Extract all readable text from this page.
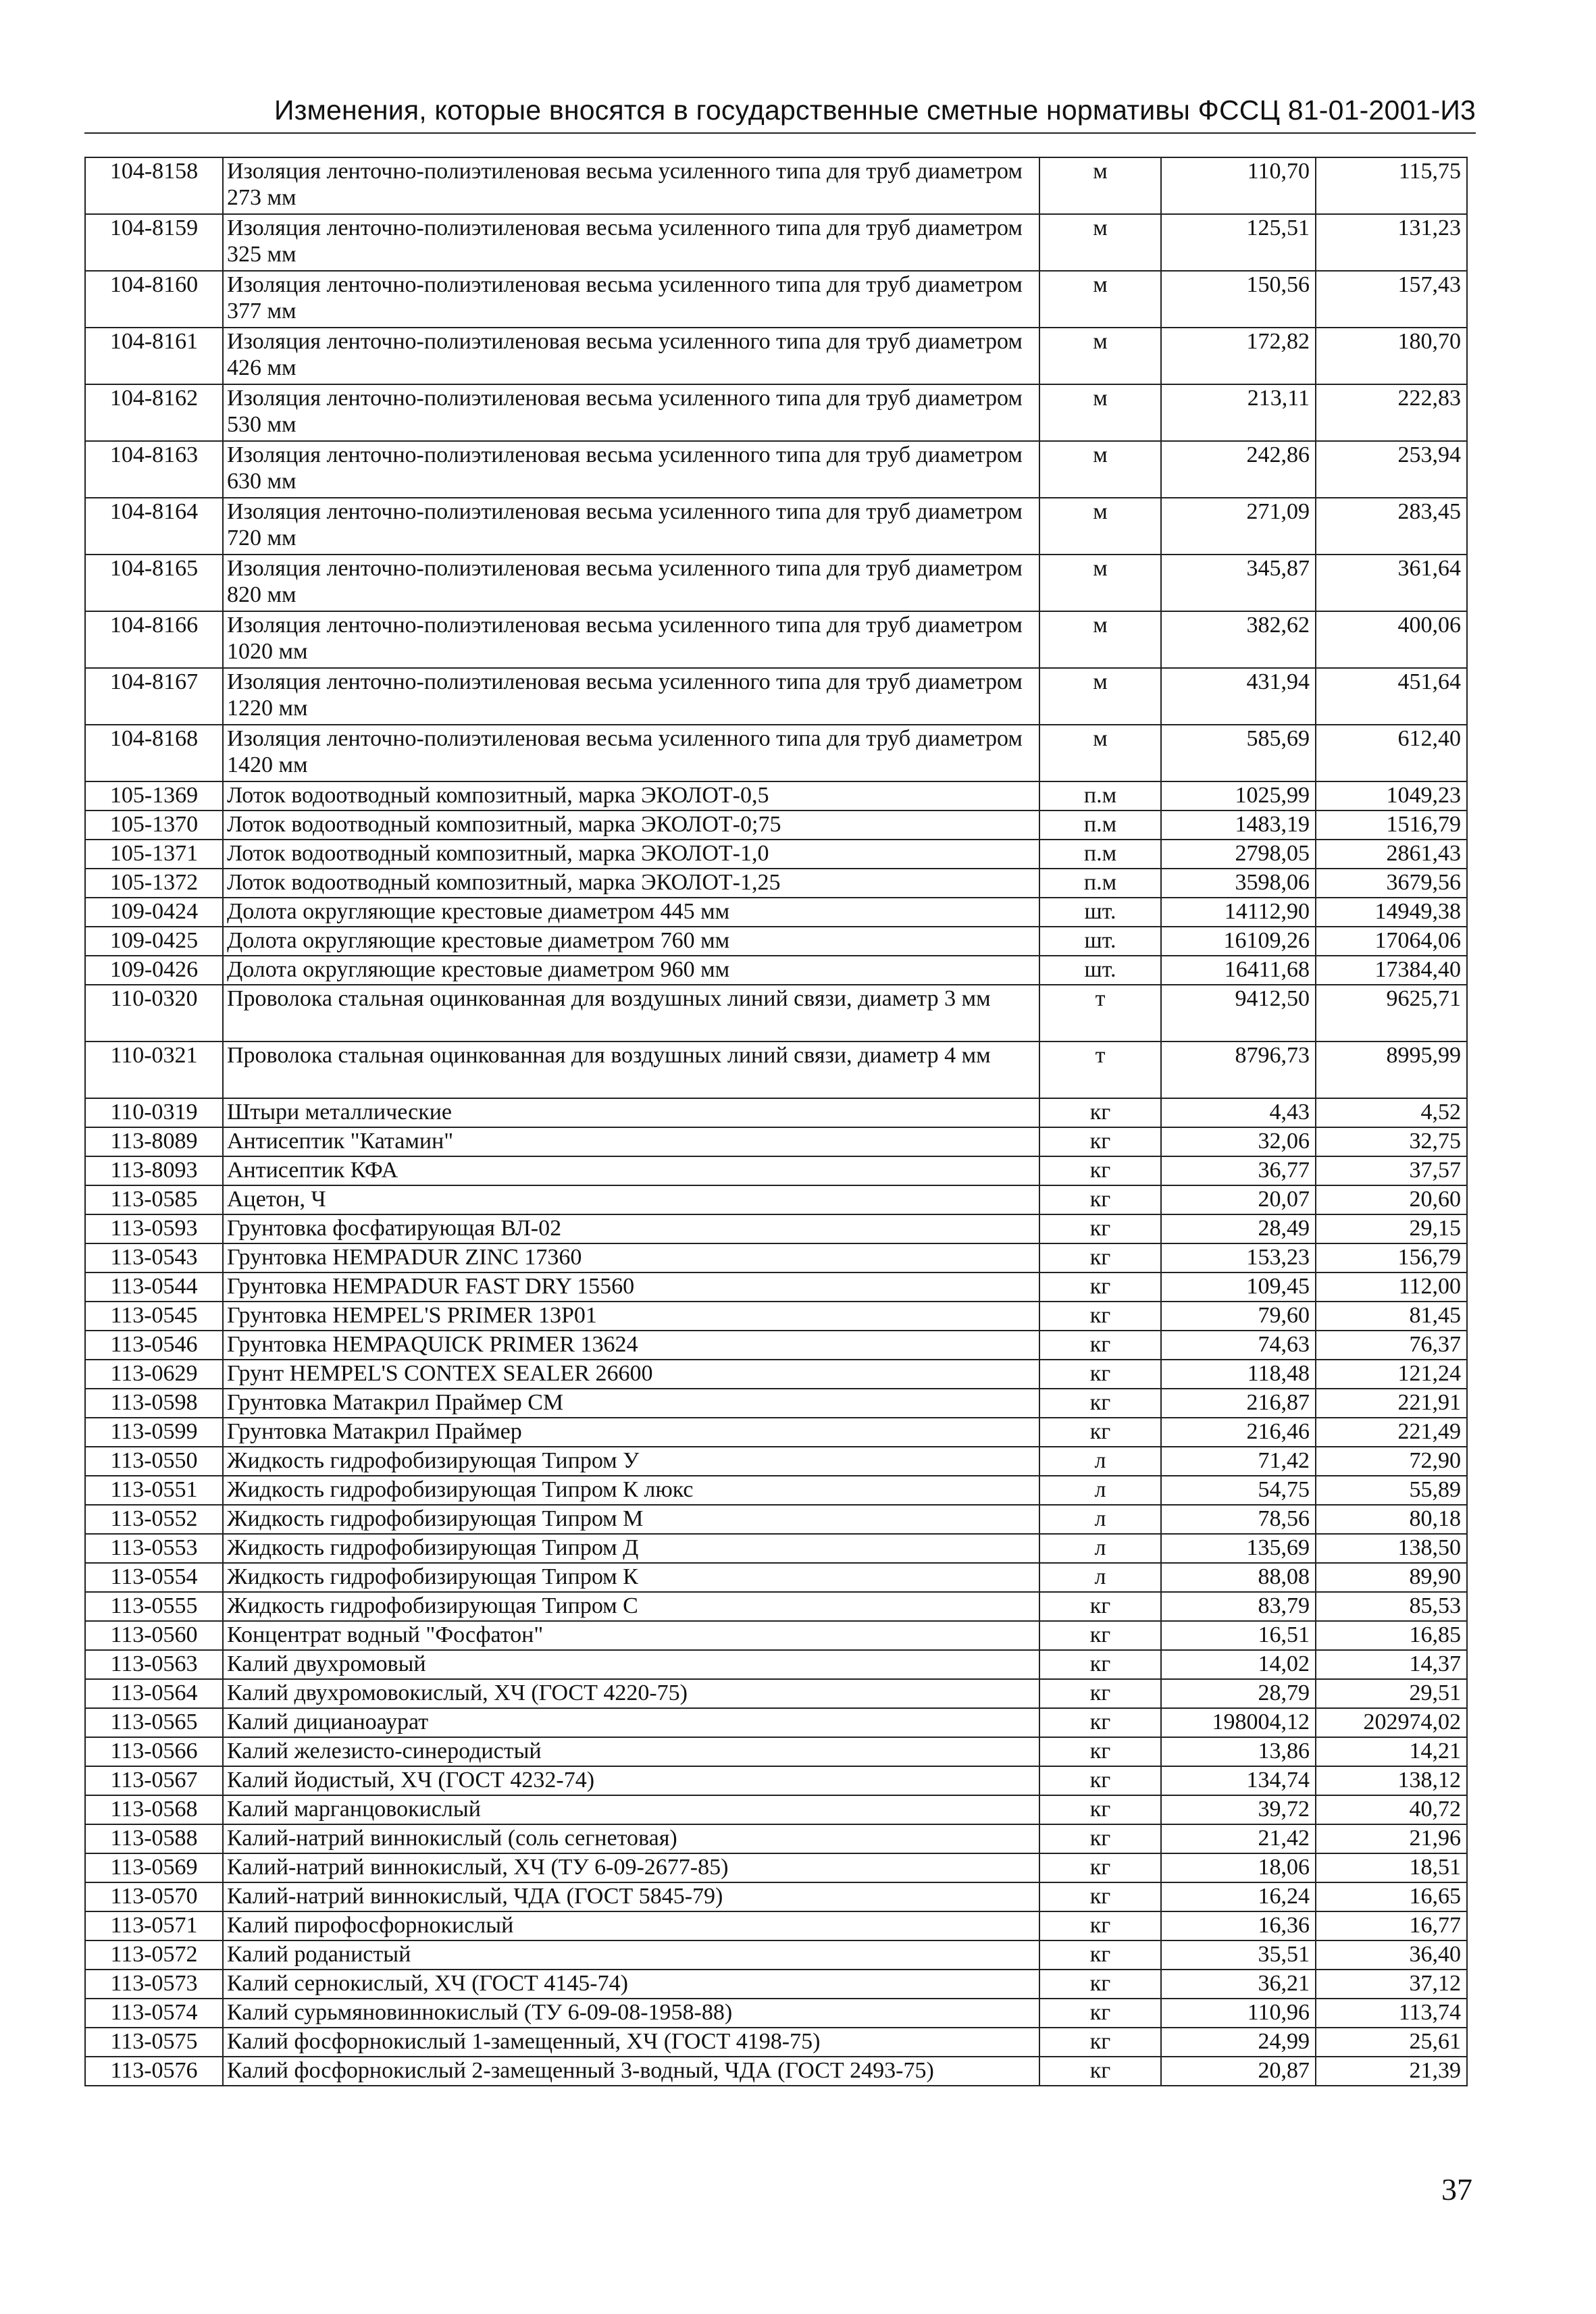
Изменения, которые вносятся в государственные сметные нормативы ФССЦ 81-01-2001-И3
104-8158	Изоляция ленточно-полиэтиленовая весьма усиленного типа для труб диаметром 273 мм	м	110,70	115,75
104-8159	Изоляция ленточно-полиэтиленовая весьма усиленного типа для труб диаметром 325 мм	м	125,51	131,23
104-8160	Изоляция ленточно-полиэтиленовая весьма усиленного типа для труб диаметром 377 мм	м	150,56	157,43
104-8161	Изоляция ленточно-полиэтиленовая весьма усиленного типа для труб диаметром 426 мм	м	172,82	180,70
104-8162	Изоляция ленточно-полиэтиленовая весьма усиленного типа для труб диаметром 530 мм	м	213,11	222,83
104-8163	Изоляция ленточно-полиэтиленовая весьма усиленного типа для труб диаметром 630 мм	м	242,86	253,94
104-8164	Изоляция ленточно-полиэтиленовая весьма усиленного типа для труб диаметром 720 мм	м	271,09	283,45
104-8165	Изоляция ленточно-полиэтиленовая весьма усиленного типа для труб диаметром 820 мм	м	345,87	361,64
104-8166	Изоляция ленточно-полиэтиленовая весьма усиленного типа для труб диаметром 1020 мм	м	382,62	400,06
104-8167	Изоляция ленточно-полиэтиленовая весьма усиленного типа для труб диаметром 1220 мм	м	431,94	451,64
104-8168	Изоляция ленточно-полиэтиленовая весьма усиленного типа для труб диаметром 1420 мм	м	585,69	612,40
105-1369	Лоток водоотводный композитный, марка ЭКОЛОТ-0,5	п.м	1025,99	1049,23
105-1370	Лоток водоотводный композитный, марка ЭКОЛОТ-0;75	п.м	1483,19	1516,79
105-1371	Лоток водоотводный композитный, марка ЭКОЛОТ-1,0	п.м	2798,05	2861,43
105-1372	Лоток водоотводный композитный, марка ЭКОЛОТ-1,25	п.м	3598,06	3679,56
109-0424	Долота округляющие крестовые диаметром 445 мм	шт.	14112,90	14949,38
109-0425	Долота округляющие крестовые диаметром 760 мм	шт.	16109,26	17064,06
109-0426	Долота округляющие крестовые диаметром 960 мм	шт.	16411,68	17384,40
110-0320	Проволока стальная оцинкованная для воздушных линий связи, диаметр 3 мм	т	9412,50	9625,71
110-0321	Проволока стальная оцинкованная для воздушных линий связи, диаметр 4 мм	т	8796,73	8995,99
110-0319	Штыри металлические	кг	4,43	4,52
113-8089	Антисептик "Катамин"	кг	32,06	32,75
113-8093	Антисептик КФА	кг	36,77	37,57
113-0585	Ацетон, Ч	кг	20,07	20,60
113-0593	Грунтовка фосфатирующая ВЛ-02	кг	28,49	29,15
113-0543	Грунтовка HEMPADUR ZINC 17360	кг	153,23	156,79
113-0544	Грунтовка HEMPADUR FAST DRY 15560	кг	109,45	112,00
113-0545	Грунтовка HEMPEL'S PRIMER 13P01	кг	79,60	81,45
113-0546	Грунтовка HEMPAQUICK PRIMER 13624	кг	74,63	76,37
113-0629	Грунт HEMPEL'S CONTEX SEALER 26600	кг	118,48	121,24
113-0598	Грунтовка Матакрил Праймер СМ	кг	216,87	221,91
113-0599	Грунтовка Матакрил Праймер	кг	216,46	221,49
113-0550	Жидкость гидрофобизирующая Типром У	л	71,42	72,90
113-0551	Жидкость гидрофобизирующая Типром К люкс	л	54,75	55,89
113-0552	Жидкость гидрофобизирующая Типром М	л	78,56	80,18
113-0553	Жидкость гидрофобизирующая Типром Д	л	135,69	138,50
113-0554	Жидкость гидрофобизирующая Типром К	л	88,08	89,90
113-0555	Жидкость гидрофобизирующая Типром С	кг	83,79	85,53
113-0560	Концентрат водный "Фосфатон"	кг	16,51	16,85
113-0563	Калий двухромовый	кг	14,02	14,37
113-0564	Калий двухромовокислый, ХЧ (ГОСТ 4220-75)	кг	28,79	29,51
113-0565	Калий дицианоаурат	кг	198004,12	202974,02
113-0566	Калий железисто-синеродистый	кг	13,86	14,21
113-0567	Калий йодистый, ХЧ (ГОСТ 4232-74)	кг	134,74	138,12
113-0568	Калий марганцовокислый	кг	39,72	40,72
113-0588	Калий-натрий виннокислый (соль сегнетовая)	кг	21,42	21,96
113-0569	Калий-натрий виннокислый, ХЧ (ТУ 6-09-2677-85)	кг	18,06	18,51
113-0570	Калий-натрий виннокислый, ЧДА (ГОСТ 5845-79)	кг	16,24	16,65
113-0571	Калий пирофосфорнокислый	кг	16,36	16,77
113-0572	Калий роданистый	кг	35,51	36,40
113-0573	Калий сернокислый, ХЧ (ГОСТ 4145-74)	кг	36,21	37,12
113-0574	Калий сурьмяновиннокислый (ТУ 6-09-08-1958-88)	кг	110,96	113,74
113-0575	Калий фосфорнокислый 1-замещенный, ХЧ (ГОСТ 4198-75)	кг	24,99	25,61
113-0576	Калий фосфорнокислый 2-замещенный 3-водный, ЧДА (ГОСТ 2493-75)	кг	20,87	21,39
37
